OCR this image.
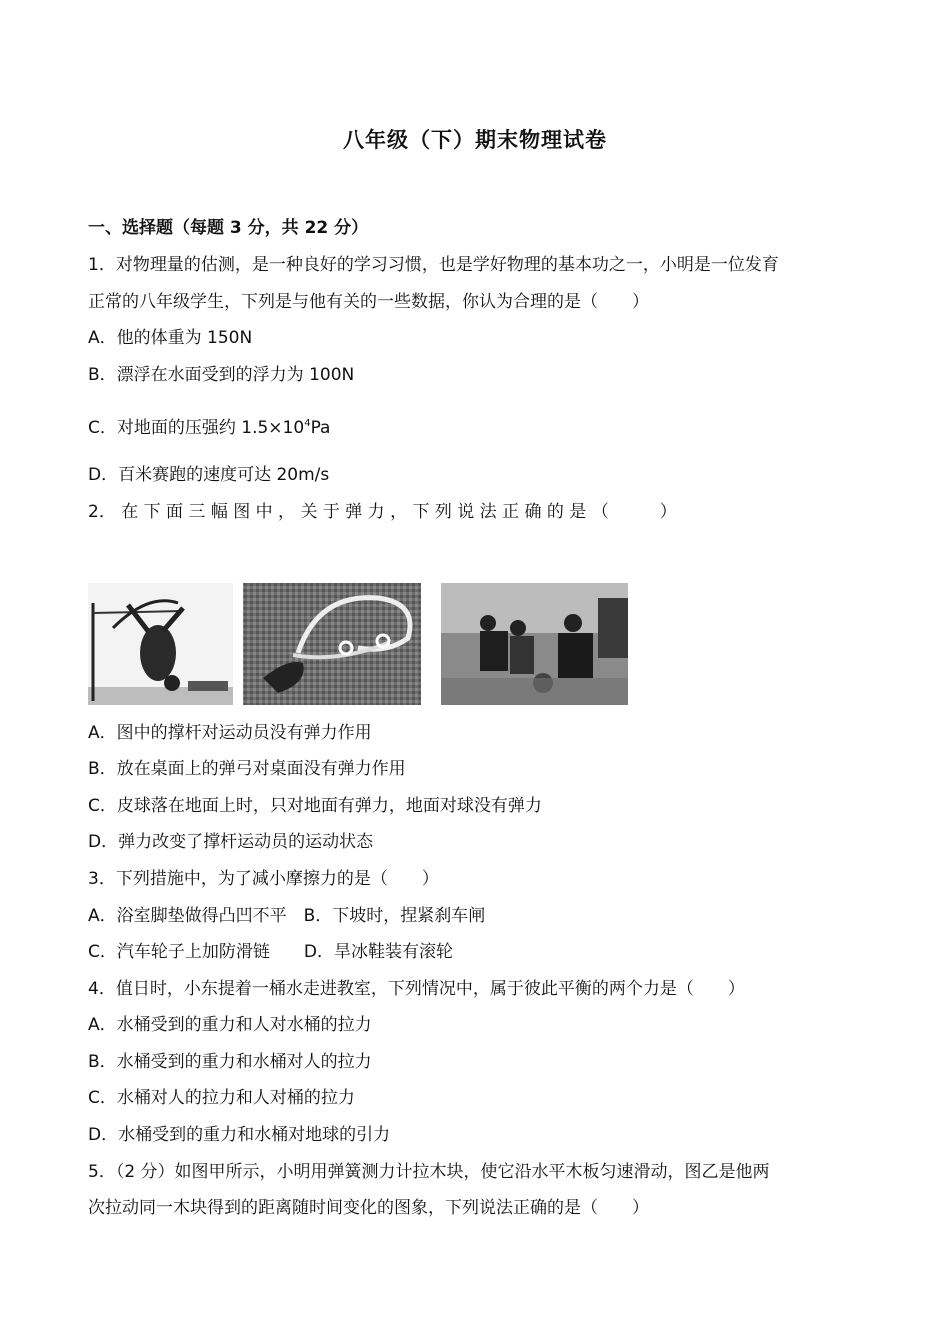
八年级（下）期末物理试卷
一、选择题（每题 3 分，共 22 分）
1．对物理量的估测，是一种良好的学习习惯，也是学好物理的基本功之一，小明是一位发育
正常的八年级学生，下列是与他有关的一些数据，你认为合理的是（　　）
A．他的体重为 150N
B．漂浮在水面受到的浮力为 100N
C．对地面的压强约 $1.5\times 10^4Pa$
D．百米赛跑的速度可达 20m/s
2． 在 下 面 三 幅 图 中 ， 关 于 弹 力 ， 下 列 说 法 正 确 的 是 （　　　）
A．图中的撑杆对运动员没有弹力作用
B．放在桌面上的弹弓对桌面没有弹力作用
C．皮球落在地面上时，只对地面有弹力，地面对球没有弹力
D．弹力改变了撑杆运动员的运动状态
3．下列措施中，为了减小摩擦力的是（　　）
A．浴室脚垫做得凸凹不平　B．下坡时，捏紧刹车闸
C．汽车轮子上加防滑链　　D．旱冰鞋装有滚轮
4．值日时，小东提着一桶水走进教室，下列情况中，属于彼此平衡的两个力是（　　）
A．水桶受到的重力和人对水桶的拉力
B．水桶受到的重力和水桶对人的拉力
C．水桶对人的拉力和人对桶的拉力
D．水桶受到的重力和水桶对地球的引力
5．（2 分）如图甲所示，小明用弹簧测力计拉木块，使它沿水平木板匀速滑动，图乙是他两
次拉动同一木块得到的距离随时间变化的图象，下列说法正确的是（　　）
